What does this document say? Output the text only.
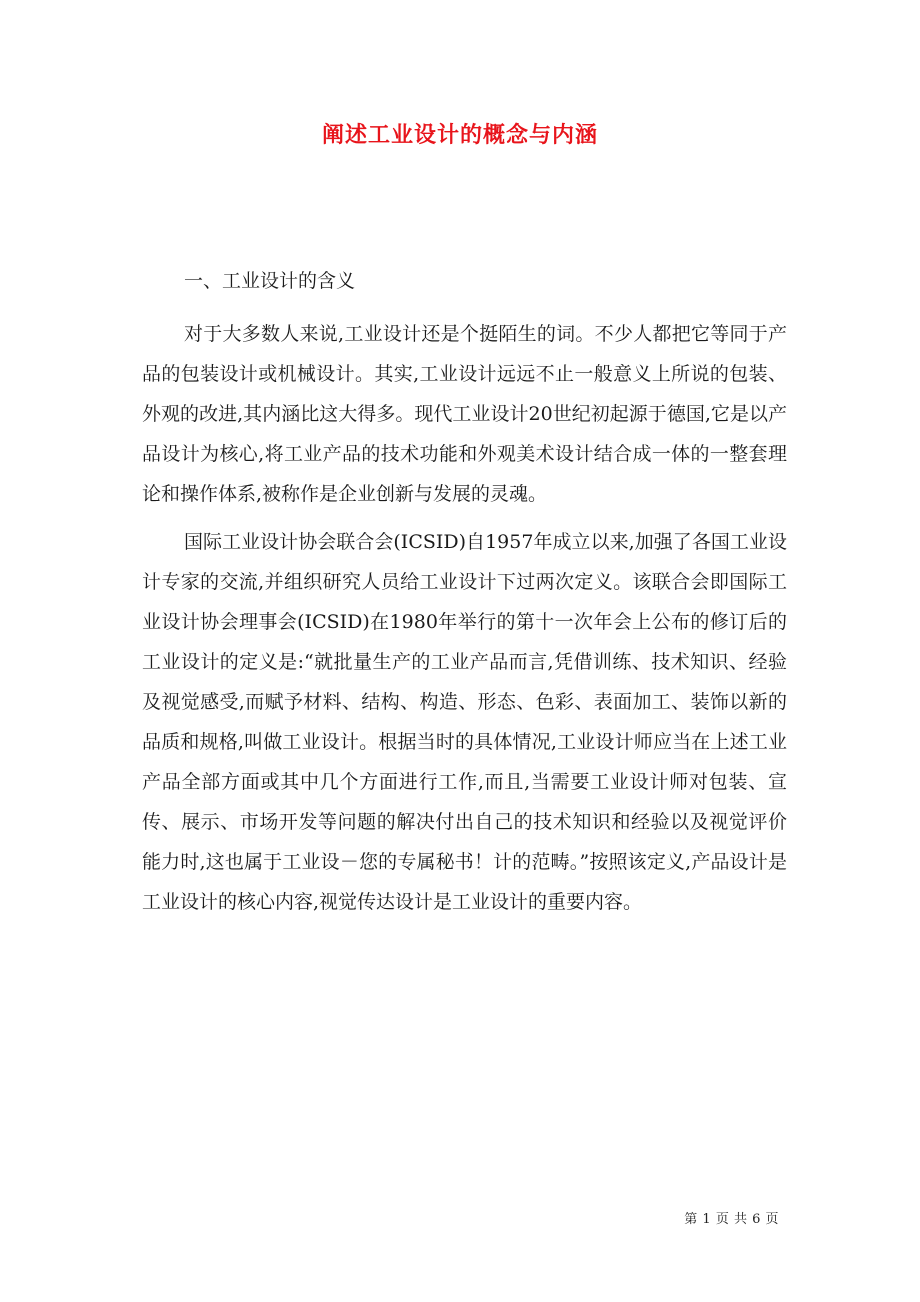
阐述工业设计的概念与内涵
一、工业设计的含义

对于大多数人来说,工业设计还是个挺陌生的词。不少人都把它等同于产品的包装设计或机械设计。其实,工业设计远远不止一般意义上所说的包装、外观的改进,其内涵比这大得多。现代工业设计20世纪初起源于德国,它是以产品设计为核心,将工业产品的技术功能和外观美术设计结合成一体的一整套理论和操作体系,被称作是企业创新与发展的灵魂。

国际工业设计协会联合会(ICSID)自1957年成立以来,加强了各国工业设计专家的交流,并组织研究人员给工业设计下过两次定义。该联合会即国际工业设计协会理事会(ICSID)在1980年举行的第十一次年会上公布的修订后的工业设计的定义是:“就批量生产的工业产品而言,凭借训练、技术知识、经验及视觉感受,而赋予材料、结构、构造、形态、色彩、表面加工、装饰以新的品质和规格,叫做工业设计。根据当时的具体情况,工业设计师应当在上述工业产品全部方面或其中几个方面进行工作,而且,当需要工业设计师对包装、宣传、展示、市场开发等问题的解决付出自己的技术知识和经验以及视觉评价能力时,这也属于工业设－您的专属秘书！计的范畴。”按照该定义,产品设计是工业设计的核心内容,视觉传达设计是工业设计的重要内容。

第 1 页 共 6 页
